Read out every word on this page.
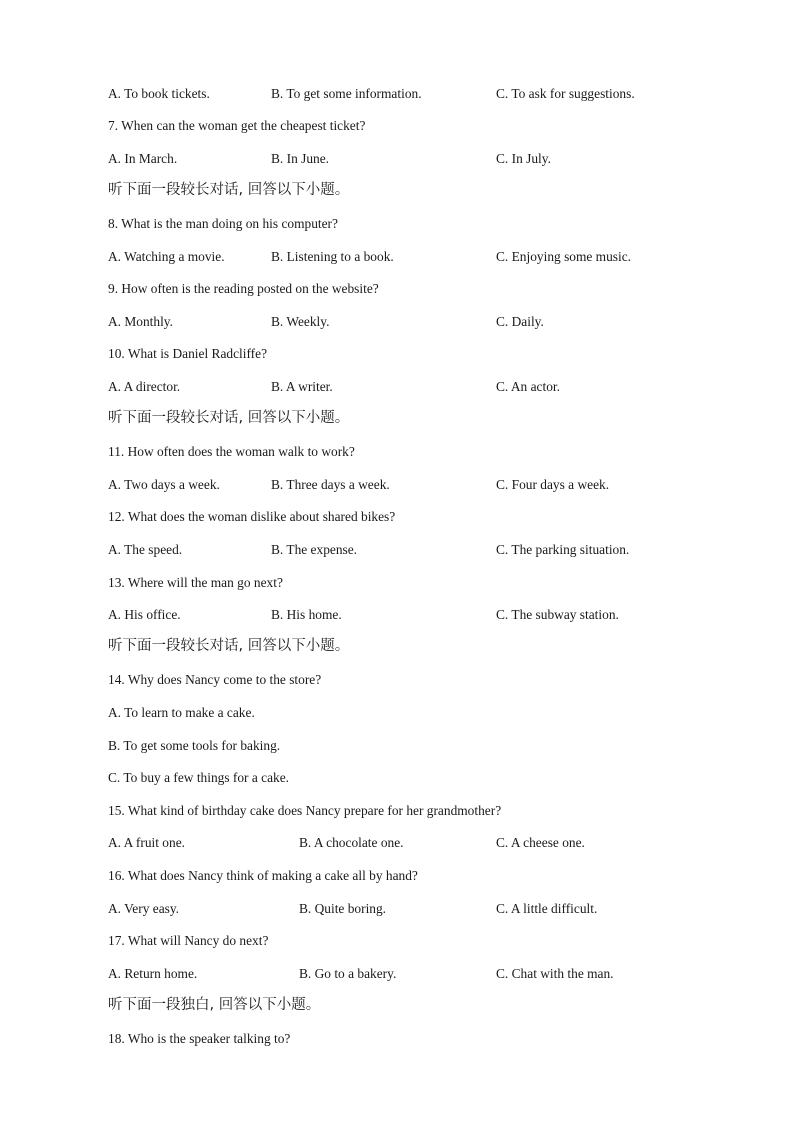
A. To book tickets.	B. To get some information.	C. To ask for suggestions.
7. When can the woman get the cheapest ticket?
A. In March.	B. In June.	C. In July.
听下面一段较长对话, 回答以下小题。
8. What is the man doing on his computer?
A. Watching a movie.	B. Listening to a book.	C. Enjoying some music.
9. How often is the reading posted on the website?
A. Monthly.	B. Weekly.	C. Daily.
10. What is Daniel Radcliffe?
A. A director.	B. A writer.	C. An actor.
听下面一段较长对话, 回答以下小题。
11. How often does the woman walk to work?
A. Two days a week.	B. Three days a week.	C. Four days a week.
12. What does the woman dislike about shared bikes?
A. The speed.	B. The expense.	C. The parking situation.
13. Where will the man go next?
A. His office.	B. His home.	C. The subway station.
听下面一段较长对话, 回答以下小题。
14. Why does Nancy come to the store?
A. To learn to make a cake.
B. To get some tools for baking.
C. To buy a few things for a cake.
15. What kind of birthday cake does Nancy prepare for her grandmother?
A. A fruit one.	B. A chocolate one.	C. A cheese one.
16. What does Nancy think of making a cake all by hand?
A. Very easy.	B. Quite boring.	C. A little difficult.
17. What will Nancy do next?
A. Return home.	B. Go to a bakery.	C. Chat with the man.
听下面一段独白, 回答以下小题。
18. Who is the speaker talking to?
